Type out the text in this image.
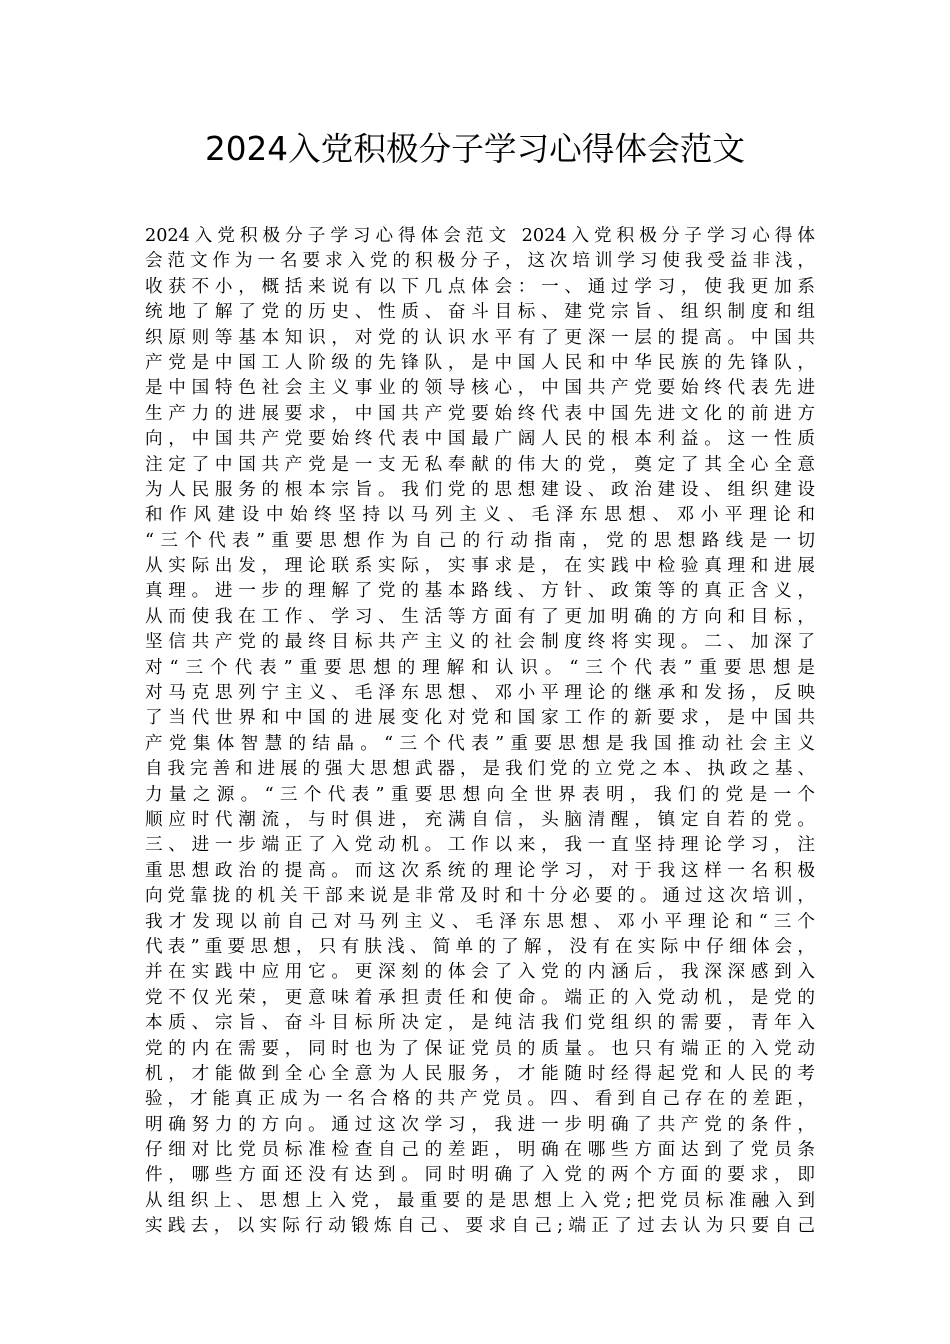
2024入党积极分子学习心得体会范文
2024入党积极分子学习心得体会范文 2024入党积极分子学习心得体
会范文作为一名要求入党的积极分子，这次培训学习使我受益非浅，
收获不小，概括来说有以下几点体会：一、通过学习，使我更加系
统地了解了党的历史、性质、奋斗目标、建党宗旨、组织制度和组
织原则等基本知识，对党的认识水平有了更深一层的提高。中国共
产党是中国工人阶级的先锋队，是中国人民和中华民族的先锋队，
是中国特色社会主义事业的领导核心，中国共产党要始终代表先进
生产力的进展要求，中国共产党要始终代表中国先进文化的前进方
向，中国共产党要始终代表中国最广阔人民的根本利益。这一性质
注定了中国共产党是一支无私奉献的伟大的党，奠定了其全心全意
为人民服务的根本宗旨。我们党的思想建设、政治建设、组织建设
和作风建设中始终坚持以马列主义、毛泽东思想、邓小平理论和
“三个代表”重要思想作为自己的行动指南，党的思想路线是一切
从实际出发，理论联系实际，实事求是，在实践中检验真理和进展
真理。进一步的理解了党的基本路线、方针、政策等的真正含义，
从而使我在工作、学习、生活等方面有了更加明确的方向和目标，
坚信共产党的最终目标共产主义的社会制度终将实现。二、加深了
对“三个代表”重要思想的理解和认识。“三个代表”重要思想是
对马克思列宁主义、毛泽东思想、邓小平理论的继承和发扬，反映
了当代世界和中国的进展变化对党和国家工作的新要求，是中国共
产党集体智慧的结晶。“三个代表”重要思想是我国推动社会主义
自我完善和进展的强大思想武器，是我们党的立党之本、执政之基、
力量之源。“三个代表”重要思想向全世界表明，我们的党是一个
顺应时代潮流，与时俱进，充满自信，头脑清醒，镇定自若的党。
三、进一步端正了入党动机。工作以来，我一直坚持理论学习，注
重思想政治的提高。而这次系统的理论学习，对于我这样一名积极
向党靠拢的机关干部来说是非常及时和十分必要的。通过这次培训，
我才发现以前自己对马列主义、毛泽东思想、邓小平理论和“三个
代表”重要思想，只有肤浅、简单的了解，没有在实际中仔细体会，
并在实践中应用它。更深刻的体会了入党的内涵后，我深深感到入
党不仅光荣，更意味着承担责任和使命。端正的入党动机，是党的
本质、宗旨、奋斗目标所决定，是纯洁我们党组织的需要，青年入
党的内在需要，同时也为了保证党员的质量。也只有端正的入党动
机，才能做到全心全意为人民服务，才能随时经得起党和人民的考
验，才能真正成为一名合格的共产党员。四、看到自己存在的差距，
明确努力的方向。通过这次学习，我进一步明确了共产党的条件，
仔细对比党员标准检查自己的差距，明确在哪些方面达到了党员条
件，哪些方面还没有达到。同时明确了入党的两个方面的要求，即
从组织上、思想上入党，最重要的是思想上入党;把党员标准融入到
实践去，以实际行动锻炼自己、要求自己;端正了过去认为只要自己
